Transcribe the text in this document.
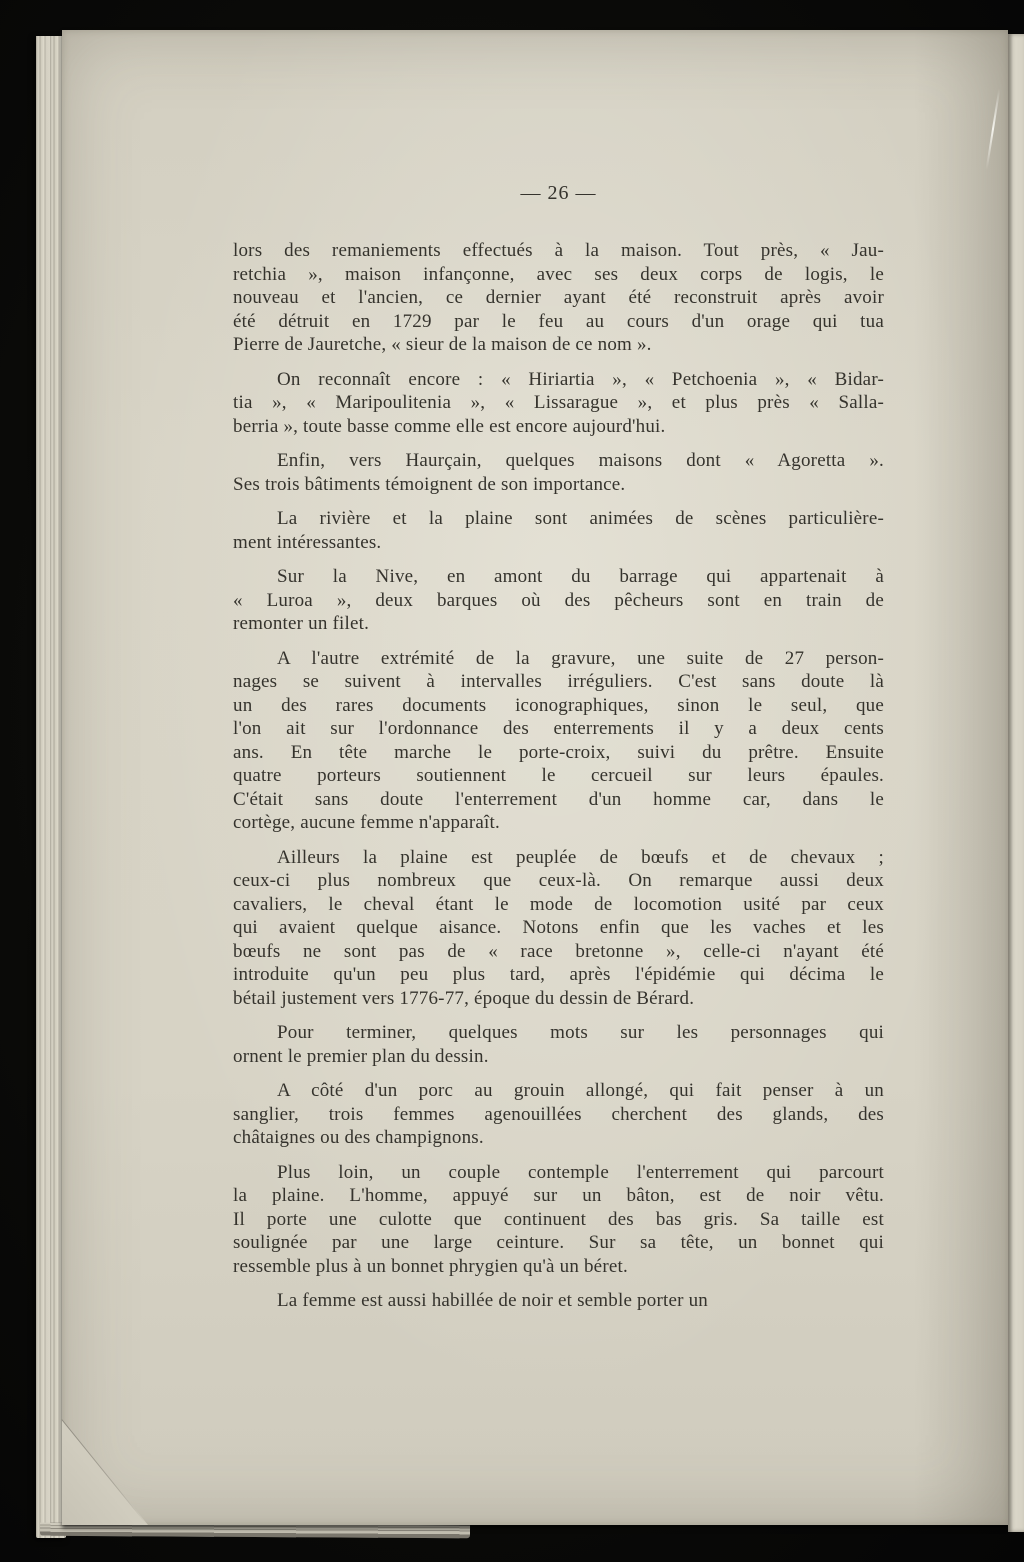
— 26 —

lors des remaniements effectués à la maison. Tout près, « Jau-
retchia », maison infançonne, avec ses deux corps de logis, le
nouveau et l'ancien, ce dernier ayant été reconstruit après avoir
été détruit en 1729 par le feu au cours d'un orage qui tua
Pierre de Jauretche, « sieur de la maison de ce nom ».

On reconnaît encore : « Hiriartia », « Petchoenia », « Bidar-
tia », « Maripoulitenia », « Lissarague », et plus près « Salla-
berria », toute basse comme elle est encore aujourd'hui.

Enfin, vers Haurçain, quelques maisons dont « Agoretta ».
Ses trois bâtiments témoignent de son importance.

La rivière et la plaine sont animées de scènes particulière-
ment intéressantes.

Sur la Nive, en amont du barrage qui appartenait à
« Luroa », deux barques où des pêcheurs sont en train de
remonter un filet.

A l'autre extrémité de la gravure, une suite de 27 person-
nages se suivent à intervalles irréguliers. C'est sans doute là
un des rares documents iconographiques, sinon le seul, que
l'on ait sur l'ordonnance des enterrements il y a deux cents
ans. En tête marche le porte-croix, suivi du prêtre. Ensuite
quatre porteurs soutiennent le cercueil sur leurs épaules.
C'était sans doute l'enterrement d'un homme car, dans le
cortège, aucune femme n'apparaît.

Ailleurs la plaine est peuplée de bœufs et de chevaux ;
ceux-ci plus nombreux que ceux-là. On remarque aussi deux
cavaliers, le cheval étant le mode de locomotion usité par ceux
qui avaient quelque aisance. Notons enfin que les vaches et les
bœufs ne sont pas de « race bretonne », celle-ci n'ayant été
introduite qu'un peu plus tard, après l'épidémie qui décima le
bétail justement vers 1776-77, époque du dessin de Bérard.

Pour terminer, quelques mots sur les personnages qui
ornent le premier plan du dessin.

A côté d'un porc au grouin allongé, qui fait penser à un
sanglier, trois femmes agenouillées cherchent des glands, des
châtaignes ou des champignons.

Plus loin, un couple contemple l'enterrement qui parcourt
la plaine. L'homme, appuyé sur un bâton, est de noir vêtu.
Il porte une culotte que continuent des bas gris. Sa taille est
soulignée par une large ceinture. Sur sa tête, un bonnet qui
ressemble plus à un bonnet phrygien qu'à un béret.

La femme est aussi habillée de noir et semble porter un
